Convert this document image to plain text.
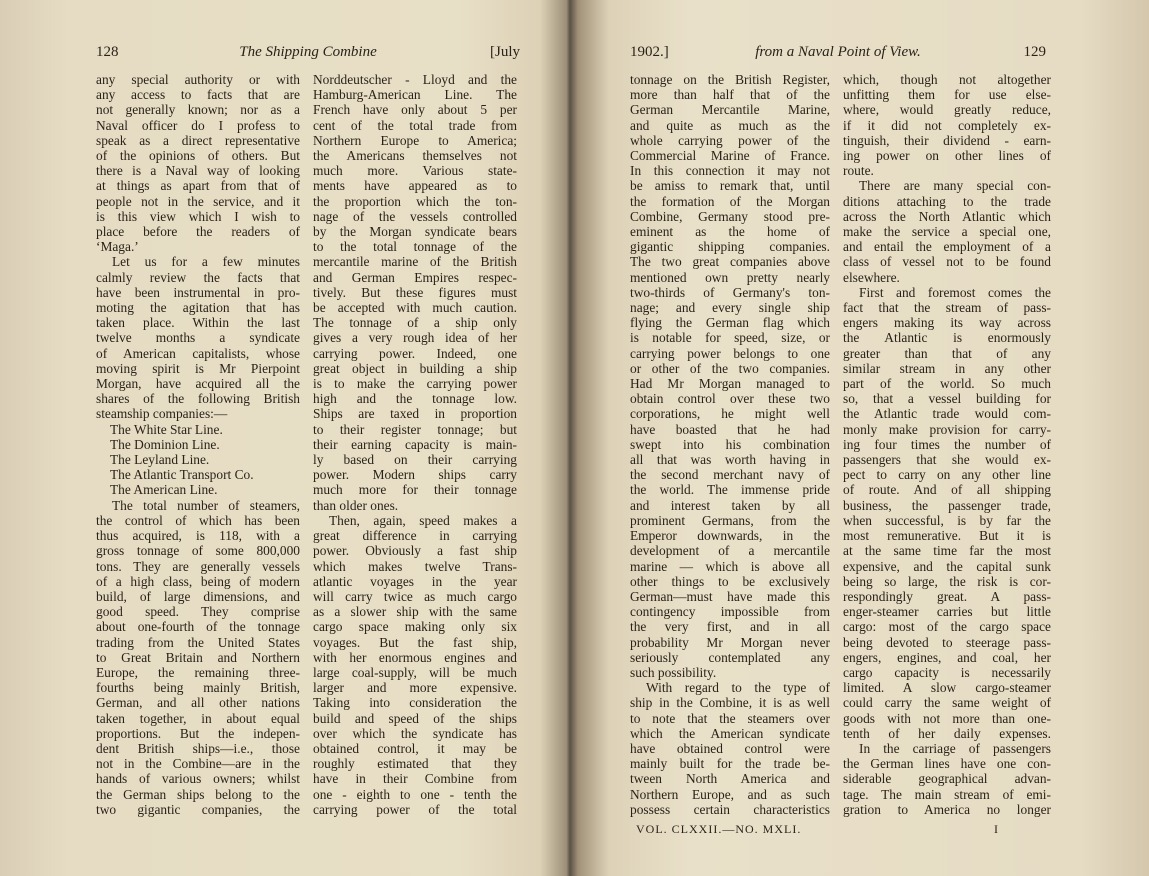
128	The Shipping Combine	[July
any special authority or with
any access to facts that are
not generally known; nor as a
Naval officer do I profess to
speak as a direct representative
of the opinions of others. But
there is a Naval way of looking
at things as apart from that of
people not in the service, and it
is this view which I wish to
place before the readers of
‘Maga.’
Let us for a few minutes
calmly review the facts that
have been instrumental in pro-
moting the agitation that has
taken place. Within the last
twelve months a syndicate
of American capitalists, whose
moving spirit is Mr Pierpoint
Morgan, have acquired all the
shares of the following British
steamship companies:—
The White Star Line.
The Dominion Line.
The Leyland Line.
The Atlantic Transport Co.
The American Line.
The total number of steamers,
the control of which has been
thus acquired, is 118, with a
gross tonnage of some 800,000
tons. They are generally vessels
of a high class, being of modern
build, of large dimensions, and
good speed. They comprise
about one-fourth of the tonnage
trading from the United States
to Great Britain and Northern
Europe, the remaining three-
fourths being mainly British,
German, and all other nations
taken together, in about equal
proportions. But the indepen-
dent British ships—i.e., those
not in the Combine—are in the
hands of various owners; whilst
the German ships belong to the
two gigantic companies, the
Norddeutscher - Lloyd and the
Hamburg-American Line. The
French have only about 5 per
cent of the total trade from
Northern Europe to America;
the Americans themselves not
much more. Various state-
ments have appeared as to
the proportion which the ton-
nage of the vessels controlled
by the Morgan syndicate bears
to the total tonnage of the
mercantile marine of the British
and German Empires respec-
tively. But these figures must
be accepted with much caution.
The tonnage of a ship only
gives a very rough idea of her
carrying power. Indeed, one
great object in building a ship
is to make the carrying power
high and the tonnage low.
Ships are taxed in proportion
to their register tonnage; but
their earning capacity is main-
ly based on their carrying
power. Modern ships carry
much more for their tonnage
than older ones.
Then, again, speed makes a
great difference in carrying
power. Obviously a fast ship
which makes twelve Trans-
atlantic voyages in the year
will carry twice as much cargo
as a slower ship with the same
cargo space making only six
voyages. But the fast ship,
with her enormous engines and
large coal-supply, will be much
larger and more expensive.
Taking into consideration the
build and speed of the ships
over which the syndicate has
obtained control, it may be
roughly estimated that they
have in their Combine from
one - eighth to one - tenth the
carrying power of the total
1902.]	from a Naval Point of View.	129
tonnage on the British Register,
more than half that of the
German Mercantile Marine,
and quite as much as the
whole carrying power of the
Commercial Marine of France.
In this connection it may not
be amiss to remark that, until
the formation of the Morgan
Combine, Germany stood pre-
eminent as the home of
gigantic shipping companies.
The two great companies above
mentioned own pretty nearly
two-thirds of Germany's ton-
nage; and every single ship
flying the German flag which
is notable for speed, size, or
carrying power belongs to one
or other of the two companies.
Had Mr Morgan managed to
obtain control over these two
corporations, he might well
have boasted that he had
swept into his combination
all that was worth having in
the second merchant navy of
the world. The immense pride
and interest taken by all
prominent Germans, from the
Emperor downwards, in the
development of a mercantile
marine — which is above all
other things to be exclusively
German—must have made this
contingency impossible from
the very first, and in all
probability Mr Morgan never
seriously contemplated any
such possibility.
With regard to the type of
ship in the Combine, it is as well
to note that the steamers over
which the American syndicate
have obtained control were
mainly built for the trade be-
tween North America and
Northern Europe, and as such
possess certain characteristics
which, though not altogether
unfitting them for use else-
where, would greatly reduce,
if it did not completely ex-
tinguish, their dividend - earn-
ing power on other lines of
route.
There are many special con-
ditions attaching to the trade
across the North Atlantic which
make the service a special one,
and entail the employment of a
class of vessel not to be found
elsewhere.
First and foremost comes the
fact that the stream of pass-
engers making its way across
the Atlantic is enormously
greater than that of any
similar stream in any other
part of the world. So much
so, that a vessel building for
the Atlantic trade would com-
monly make provision for carry-
ing four times the number of
passengers that she would ex-
pect to carry on any other line
of route. And of all shipping
business, the passenger trade,
when successful, is by far the
most remunerative. But it is
at the same time far the most
expensive, and the capital sunk
being so large, the risk is cor-
respondingly great. A pass-
enger-steamer carries but little
cargo: most of the cargo space
being devoted to steerage pass-
engers, engines, and coal, her
cargo capacity is necessarily
limited. A slow cargo-steamer
could carry the same weight of
goods with not more than one-
tenth of her daily expenses.
In the carriage of passengers
the German lines have one con-
siderable geographical advan-
tage. The main stream of emi-
gration to America no longer
VOL. CLXXII.—NO. MXLI.	I
